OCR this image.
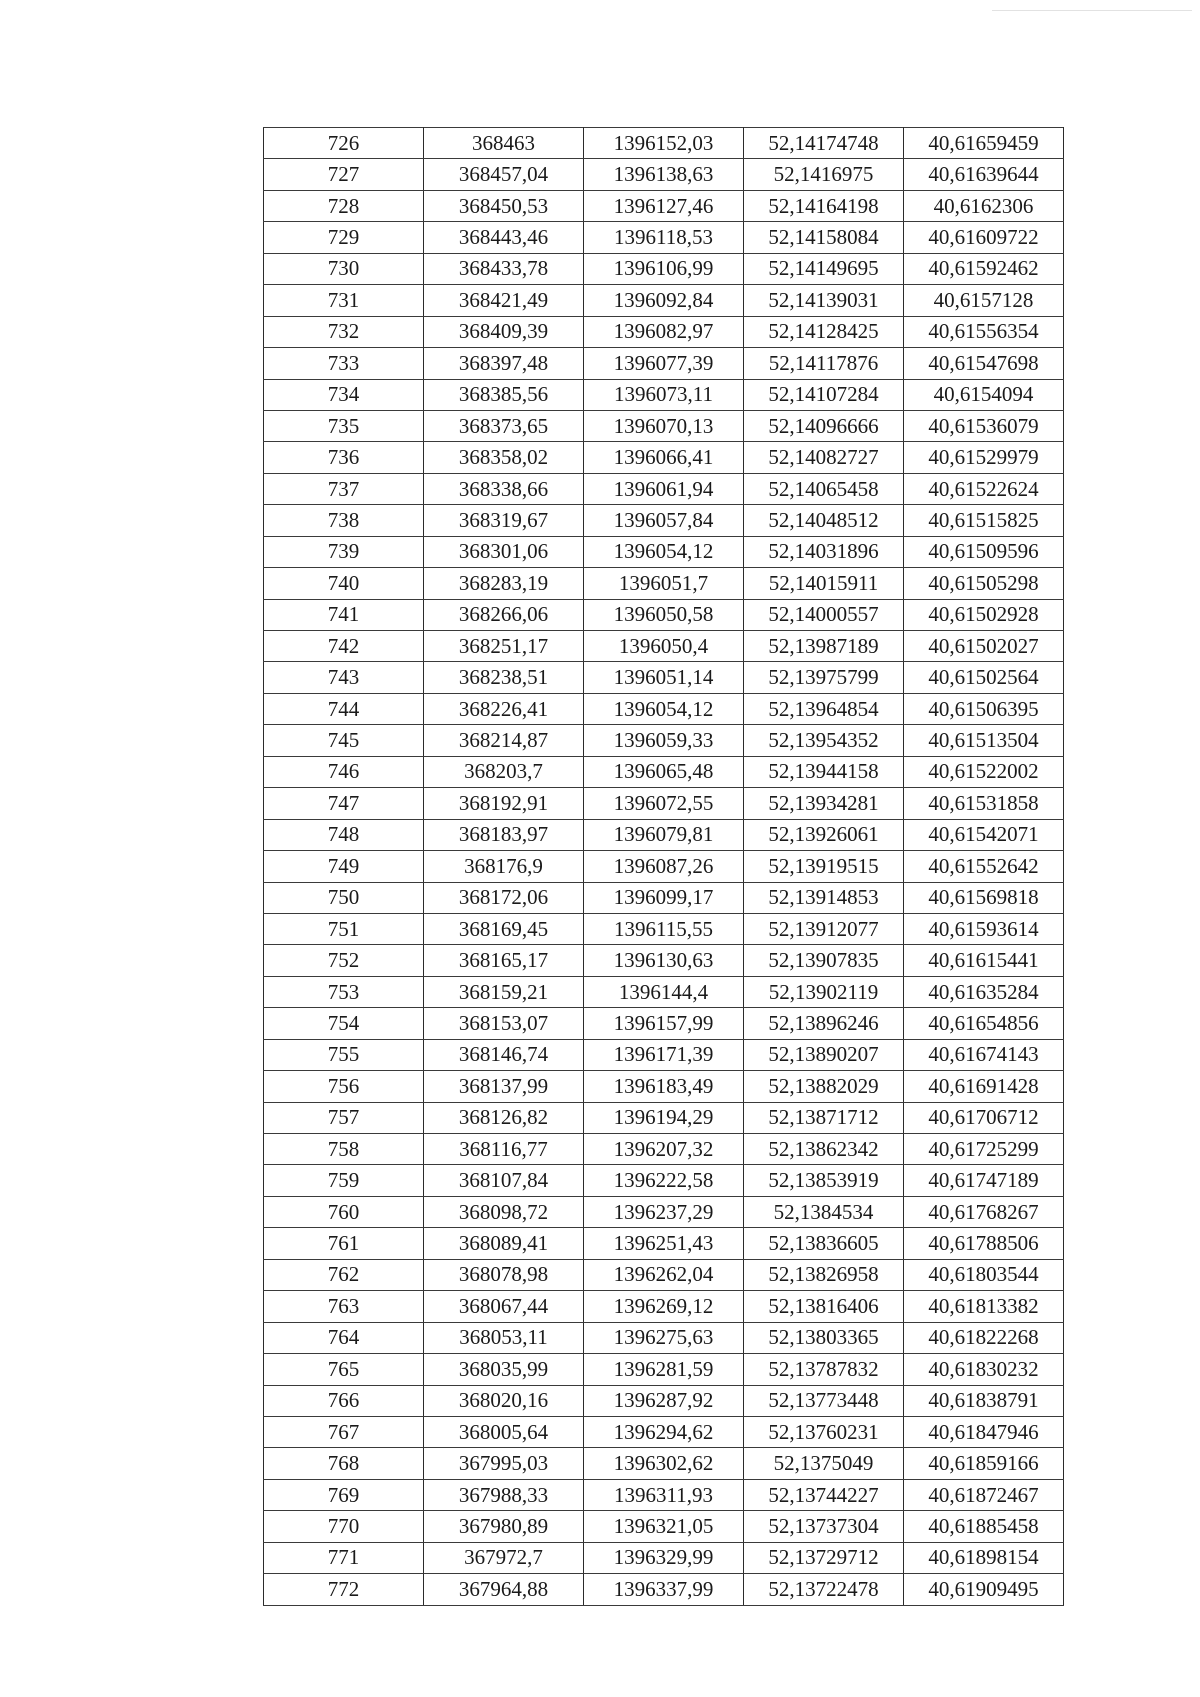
726	368463	1396152,03	52,14174748	40,61659459
727	368457,04	1396138,63	52,1416975	40,61639644
728	368450,53	1396127,46	52,14164198	40,6162306
729	368443,46	1396118,53	52,14158084	40,61609722
730	368433,78	1396106,99	52,14149695	40,61592462
731	368421,49	1396092,84	52,14139031	40,6157128
732	368409,39	1396082,97	52,14128425	40,61556354
733	368397,48	1396077,39	52,14117876	40,61547698
734	368385,56	1396073,11	52,14107284	40,6154094
735	368373,65	1396070,13	52,14096666	40,61536079
736	368358,02	1396066,41	52,14082727	40,61529979
737	368338,66	1396061,94	52,14065458	40,61522624
738	368319,67	1396057,84	52,14048512	40,61515825
739	368301,06	1396054,12	52,14031896	40,61509596
740	368283,19	1396051,7	52,14015911	40,61505298
741	368266,06	1396050,58	52,14000557	40,61502928
742	368251,17	1396050,4	52,13987189	40,61502027
743	368238,51	1396051,14	52,13975799	40,61502564
744	368226,41	1396054,12	52,13964854	40,61506395
745	368214,87	1396059,33	52,13954352	40,61513504
746	368203,7	1396065,48	52,13944158	40,61522002
747	368192,91	1396072,55	52,13934281	40,61531858
748	368183,97	1396079,81	52,13926061	40,61542071
749	368176,9	1396087,26	52,13919515	40,61552642
750	368172,06	1396099,17	52,13914853	40,61569818
751	368169,45	1396115,55	52,13912077	40,61593614
752	368165,17	1396130,63	52,13907835	40,61615441
753	368159,21	1396144,4	52,13902119	40,61635284
754	368153,07	1396157,99	52,13896246	40,61654856
755	368146,74	1396171,39	52,13890207	40,61674143
756	368137,99	1396183,49	52,13882029	40,61691428
757	368126,82	1396194,29	52,13871712	40,61706712
758	368116,77	1396207,32	52,13862342	40,61725299
759	368107,84	1396222,58	52,13853919	40,61747189
760	368098,72	1396237,29	52,1384534	40,61768267
761	368089,41	1396251,43	52,13836605	40,61788506
762	368078,98	1396262,04	52,13826958	40,61803544
763	368067,44	1396269,12	52,13816406	40,61813382
764	368053,11	1396275,63	52,13803365	40,61822268
765	368035,99	1396281,59	52,13787832	40,61830232
766	368020,16	1396287,92	52,13773448	40,61838791
767	368005,64	1396294,62	52,13760231	40,61847946
768	367995,03	1396302,62	52,1375049	40,61859166
769	367988,33	1396311,93	52,13744227	40,61872467
770	367980,89	1396321,05	52,13737304	40,61885458
771	367972,7	1396329,99	52,13729712	40,61898154
772	367964,88	1396337,99	52,13722478	40,61909495
